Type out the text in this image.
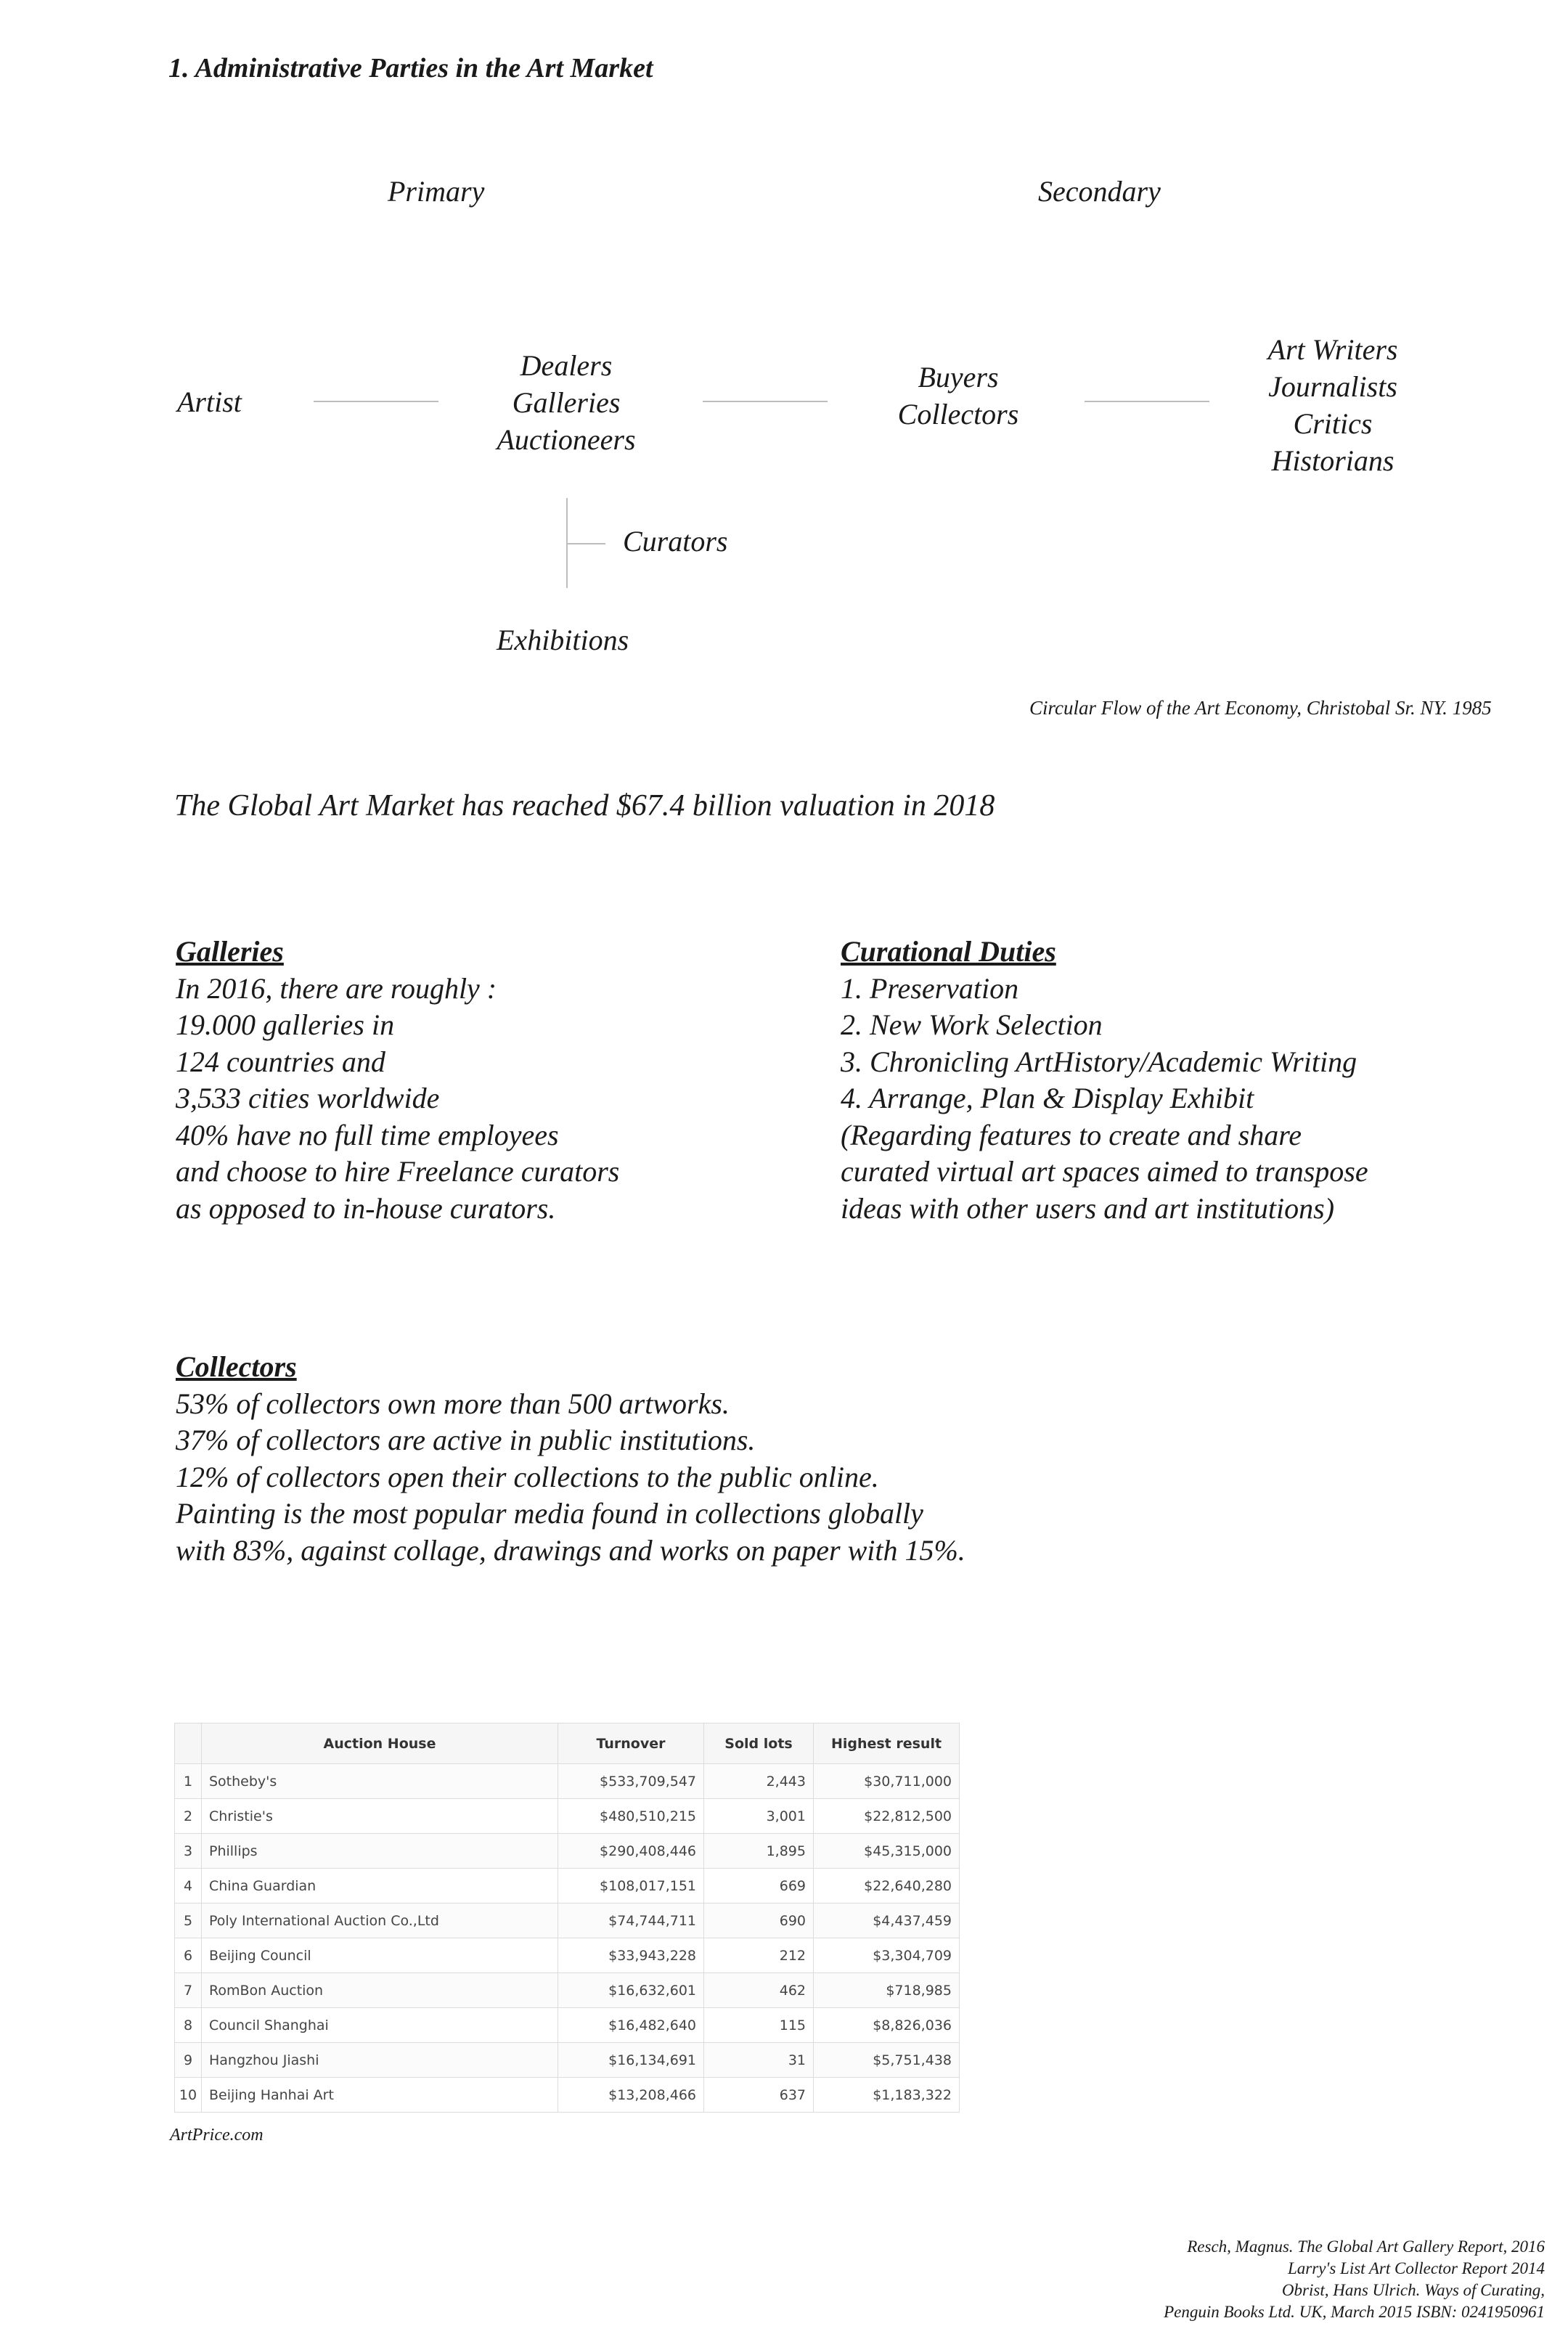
1. Administrative Parties in the Art Market
Primary	Secondary
Artist
Dealers
Galleries
Auctioneers
Buyers
Collectors
Art Writers
Journalists
Critics
Historians
Curators
Exhibitions
Circular Flow of the Art Economy, Christobal Sr. NY. 1985
The Global Art Market has reached $67.4 billion valuation in 2018
Galleries
In 2016, there are roughly :
19.000 galleries in
124 countries and
3,533 cities worldwide
40% have no full time employees
and choose to hire Freelance curators
as opposed to in-house curators.
Curational Duties
1. Preservation
2. New Work Selection
3. Chronicling ArtHistory/Academic Writing
4. Arrange, Plan & Display Exhibit
(Regarding features to create and share
curated virtual art spaces aimed to transpose
ideas with other users and art institutions)
Collectors
53% of collectors own more than 500 artworks.
37% of collectors are active in public institutions.
12% of collectors open their collections to the public online.
Painting is the most popular media found in collections globally
with 83%, against collage, drawings and works on paper with 15%.
	Auction House	Turnover	Sold lots	Highest result
1	Sotheby's	$533,709,547	2,443	$30,711,000
2	Christie's	$480,510,215	3,001	$22,812,500
3	Phillips	$290,408,446	1,895	$45,315,000
4	China Guardian	$108,017,151	669	$22,640,280
5	Poly International Auction Co.,Ltd	$74,744,711	690	$4,437,459
6	Beijing Council	$33,943,228	212	$3,304,709
7	RomBon Auction	$16,632,601	462	$718,985
8	Council Shanghai	$16,482,640	115	$8,826,036
9	Hangzhou Jiashi	$16,134,691	31	$5,751,438
10	Beijing Hanhai Art	$13,208,466	637	$1,183,322
ArtPrice.com
Resch, Magnus. The Global Art Gallery Report, 2016
Larry's List Art Collector Report 2014
Obrist, Hans Ulrich. Ways of Curating,
Penguin Books Ltd. UK, March 2015 ISBN: 0241950961
